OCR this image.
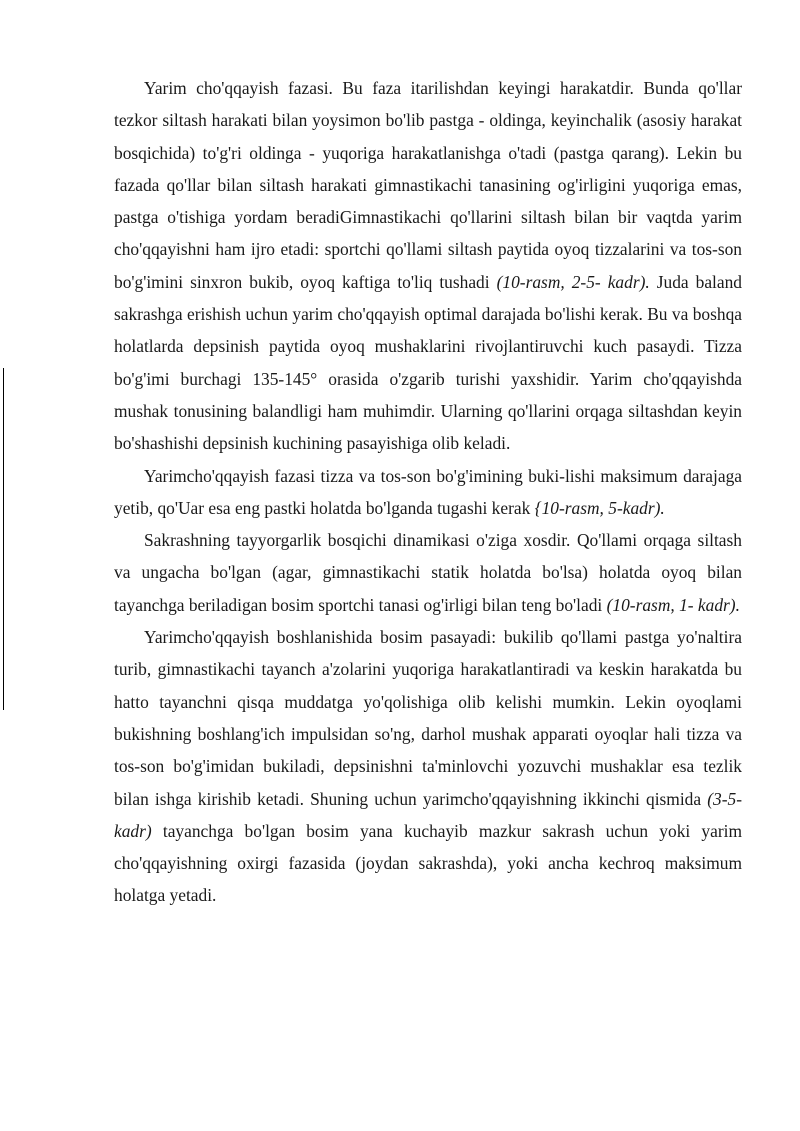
Yarim cho'qqayish fazasi. Bu faza itarilishdan keyingi harakatdir. Bunda qo'llar tezkor siltash harakati bilan yoysimon bo'lib pastga - oldinga, keyinchalik (asosiy harakat bosqichida) to'g'ri oldinga - yuqoriga harakatlanishga o'tadi (pastga qarang). Lekin bu fazada qo'llar bilan siltash harakati gimnastikachi tanasining og'irligini yuqoriga emas, pastga o'tishiga yordam beradiGimnastikachi qo'llarini siltash bilan bir vaqtda yarim cho'qqayishni ham ijro etadi: sportchi qo'llami siltash paytida oyoq tizzalarini va tos-son bo'g'imini sinxron bukib, oyoq kaftiga to'liq tushadi (10-rasm, 2-5- kadr). Juda baland sakrashga erishish uchun yarim cho'qqayish optimal darajada bo'lishi kerak. Bu va boshqa holatlarda depsinish paytida oyoq mushaklarini rivojlantiruvchi kuch pasaydi. Tizza bo'g'imi burchagi 135-145° orasida o'zgarib turishi yaxshidir. Yarim cho'qqayishda mushak tonusining balandligi ham muhimdir. Ularning qo'llarini orqaga siltashdan keyin bo'shashishi depsinish kuchining pasayishiga olib keladi.

Yarimcho'qqayish fazasi tizza va tos-son bo'g'imining buki-lishi maksimum darajaga yetib, qo'Uar esa eng pastki holatda bo'lganda tugashi kerak {10-rasm, 5-kadr).

Sakrashning tayyorgarlik bosqichi dinamikasi o'ziga xosdir. Qo'llami orqaga siltash va ungacha bo'lgan (agar, gimnastikachi statik holatda bo'lsa) holatda oyoq bilan tayanchga beriladigan bosim sportchi tanasi og'irligi bilan teng bo'ladi (10-rasm, 1- kadr).

Yarimcho'qqayish boshlanishida bosim pasayadi: bukilib qo'llami pastga yo'naltira turib, gimnastikachi tayanch a'zolarini yuqoriga harakatlantiradi va keskin harakatda bu hatto tayanchni qisqa muddatga yo'qolishiga olib kelishi mumkin. Lekin oyoqlami bukishning boshlang'ich impulsidan so'ng, darhol mushak apparati oyoqlar hali tizza va tos-son bo'g'imidan bukiladi, depsinishni ta'minlovchi yozuvchi mushaklar esa tezlik bilan ishga kirishib ketadi. Shuning uchun yarimcho'qqayishning ikkinchi qismida (3-5- kadr) tayanchga bo'lgan bosim yana kuchayib mazkur sakrash uchun yoki yarim cho'qqayishning oxirgi fazasida (joydan sakrashda), yoki ancha kechroq maksimum holatga yetadi.
